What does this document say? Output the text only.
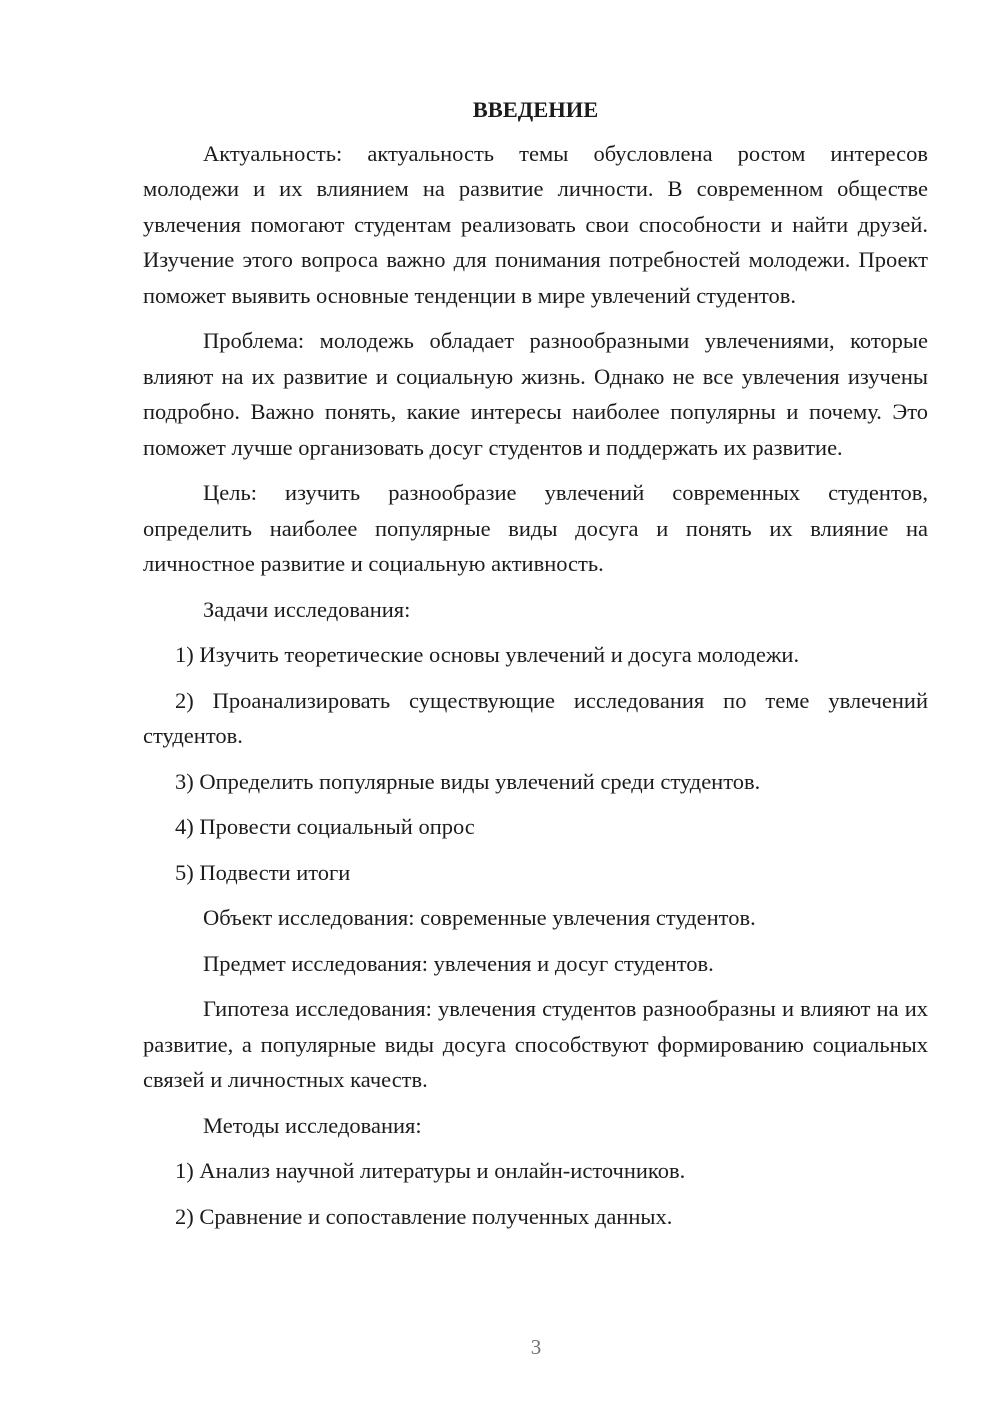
ВВЕДЕНИЕ

Актуальность: актуальность темы обусловлена ростом интересов молодежи и их влиянием на развитие личности. В современном обществе увлечения помогают студентам реализовать свои способности и найти друзей. Изучение этого вопроса важно для понимания потребностей молодежи. Проект поможет выявить основные тенденции в мире увлечений студентов.

Проблема: молодежь обладает разнообразными увлечениями, которые влияют на их развитие и социальную жизнь. Однако не все увлечения изучены подробно. Важно понять, какие интересы наиболее популярны и почему. Это поможет лучше организовать досуг студентов и поддержать их развитие.

Цель: изучить разнообразие увлечений современных студентов, определить наиболее популярные виды досуга и понять их влияние на личностное развитие и социальную активность.

Задачи исследования:

1) Изучить теоретические основы увлечений и досуга молодежи.

2) Проанализировать существующие исследования по теме увлечений студентов.

3) Определить популярные виды увлечений среди студентов.

4) Провести социальный опрос

5) Подвести итоги

Объект исследования: современные увлечения студентов.

Предмет исследования: увлечения и досуг студентов.

Гипотеза исследования: увлечения студентов разнообразны и влияют на их развитие, а популярные виды досуга способствуют формированию социальных связей и личностных качеств.

Методы исследования:

1) Анализ научной литературы и онлайн-источников.

2) Сравнение и сопоставление полученных данных.

3
